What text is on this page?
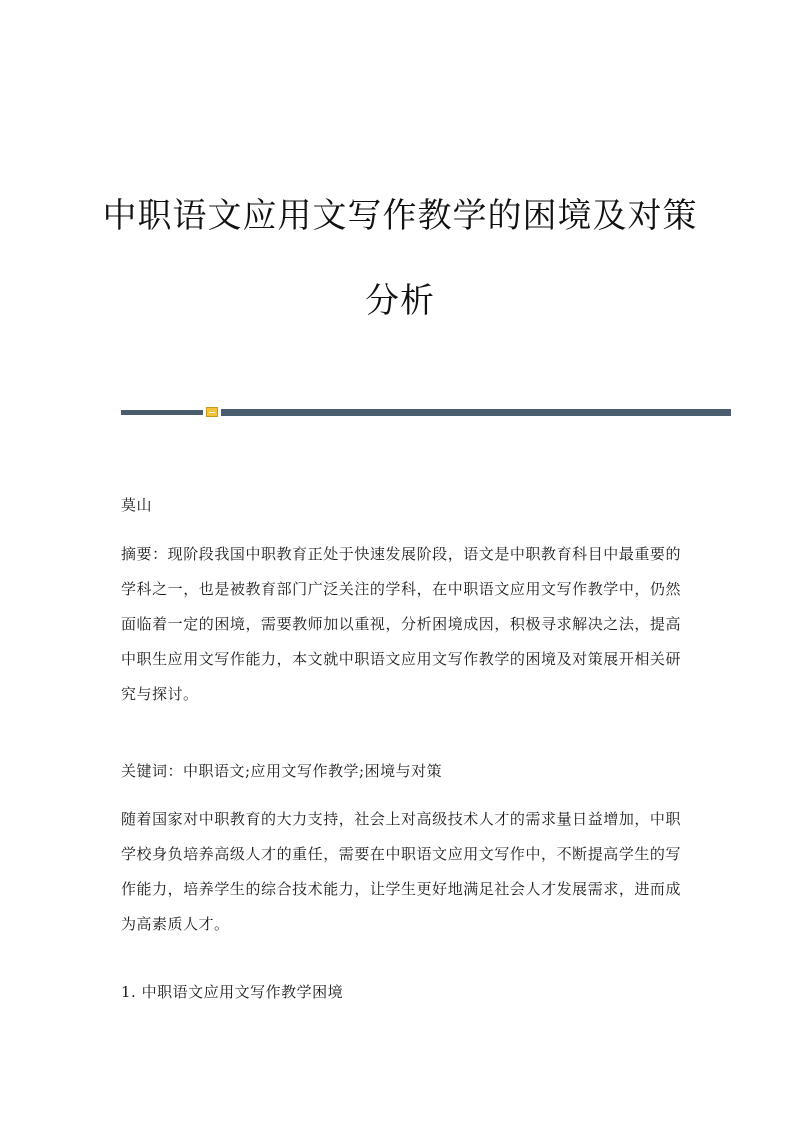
中职语文应用文写作教学的困境及对策
分析

莫山

摘要：现阶段我国中职教育正处于快速发展阶段，语文是中职教育科目中最重要的学科之一，也是被教育部门广泛关注的学科，在中职语文应用文写作教学中，仍然面临着一定的困境，需要教师加以重视，分析困境成因，积极寻求解决之法，提高中职生应用文写作能力，本文就中职语文应用文写作教学的困境及对策展开相关研究与探讨。

关键词：中职语文;应用文写作教学;困境与对策

随着国家对中职教育的大力支持，社会上对高级技术人才的需求量日益增加，中职学校身负培养高级人才的重任，需要在中职语文应用文写作中，不断提高学生的写作能力，培养学生的综合技术能力，让学生更好地满足社会人才发展需求，进而成为高素质人才。

1. 中职语文应用文写作教学困境
